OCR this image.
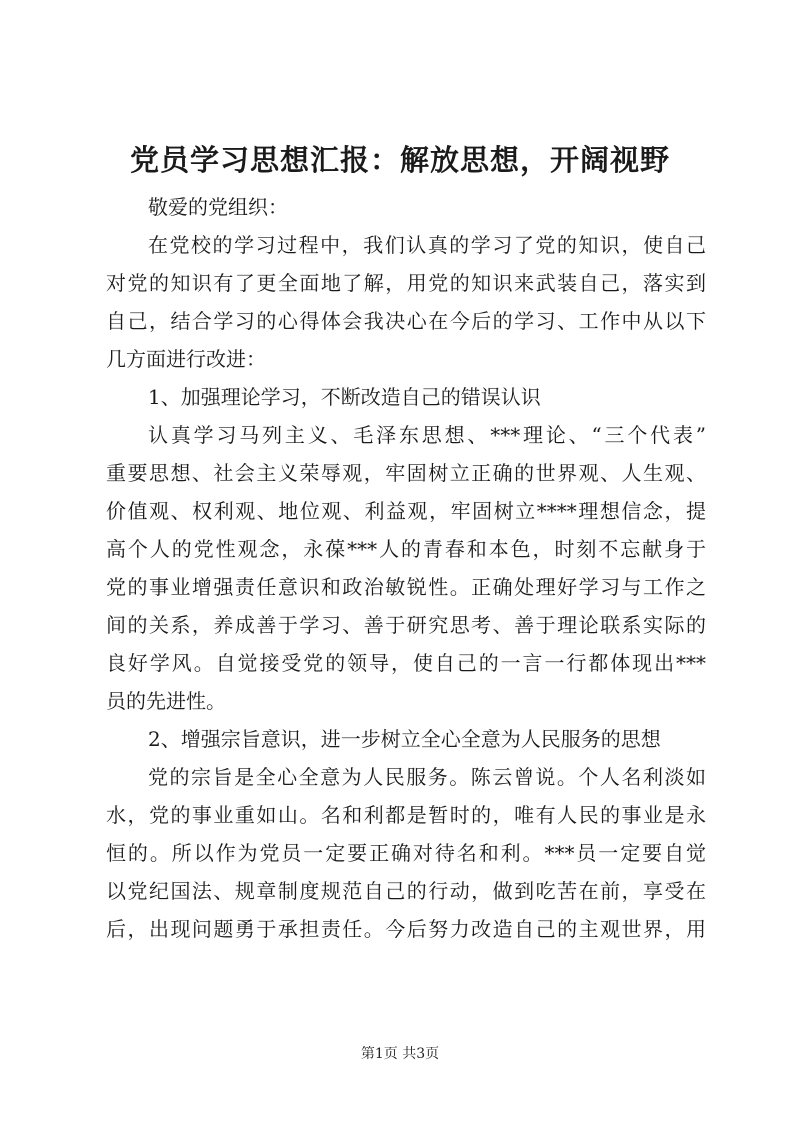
党员学习思想汇报：解放思想，开阔视野
敬爱的党组织：
在党校的学习过程中，我们认真的学习了党的知识，使自己
对党的知识有了更全面地了解，用党的知识来武装自己，落实到
自己，结合学习的心得体会我决心在今后的学习、工作中从以下
几方面进行改进：
1、加强理论学习，不断改造自己的错误认识
认真学习马列主义、毛泽东思想、***理论、“三个代表”
重要思想、社会主义荣辱观，牢固树立正确的世界观、人生观、
价值观、权利观、地位观、利益观，牢固树立****理想信念，提
高个人的党性观念，永葆***人的青春和本色，时刻不忘献身于
党的事业增强责任意识和政治敏锐性。正确处理好学习与工作之
间的关系，养成善于学习、善于研究思考、善于理论联系实际的
良好学风。自觉接受党的领导，使自己的一言一行都体现出***
员的先进性。
2、增强宗旨意识，进一步树立全心全意为人民服务的思想
党的宗旨是全心全意为人民服务。陈云曾说。个人名利淡如
水，党的事业重如山。名和利都是暂时的，唯有人民的事业是永
恒的。所以作为党员一定要正确对待名和利。***员一定要自觉
以党纪国法、规章制度规范自己的行动，做到吃苦在前，享受在
后，出现问题勇于承担责任。今后努力改造自己的主观世界，用
第1页 共3页
